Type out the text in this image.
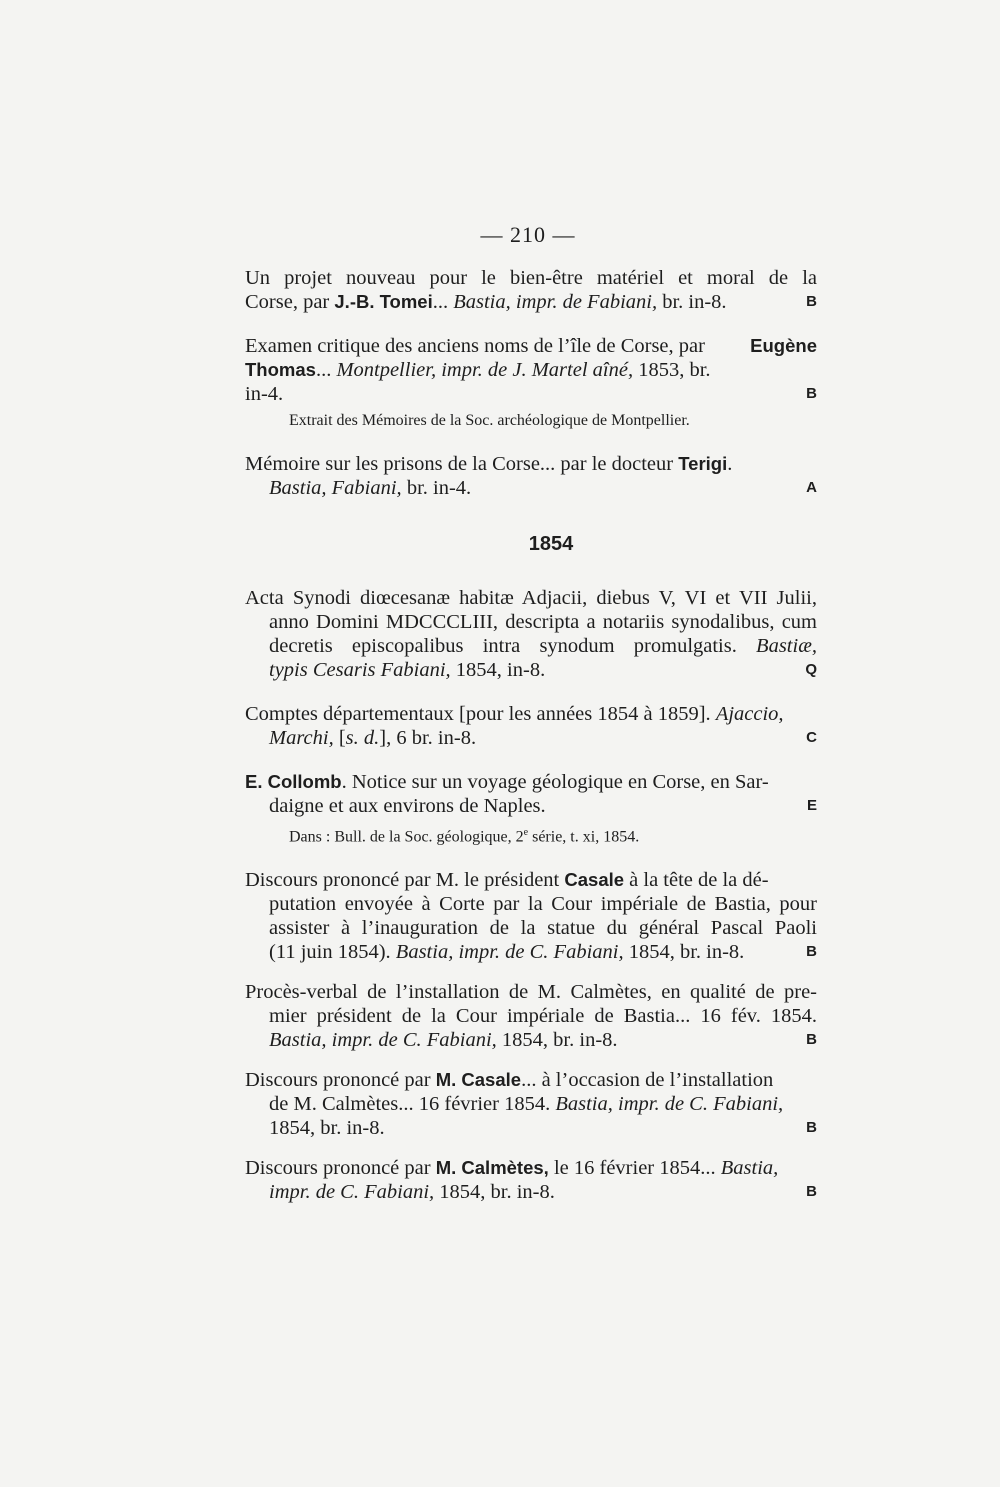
— 210 —
Un projet nouveau pour le bien-être matériel et moral de la
Corse, par J.-B. Tomei... Bastia, impr. de Fabiani, br. in-8.	B
Examen critique des anciens noms de l’île de Corse, par Eugène
Thomas... Montpellier, impr. de J. Martel aîné, 1853, br.
in-4.	B

Extrait des Mémoires de la Soc. archéologique de Montpellier.

Mémoire sur les prisons de la Corse... par le docteur Terigi.
Bastia, Fabiani, br. in-4.	A
1854
Acta Synodi diœcesanæ habitæ Adjacii, diebus V, VI et VII Julii,
anno Domini MDCCCLIII, descripta a notariis synodalibus, cum
decretis episcopalibus intra synodum promulgatis. Bastiæ,
typis Cesaris Fabiani, 1854, in-8.	Q
Comptes départementaux [pour les années 1854 à 1859]. Ajaccio,
Marchi, [s. d.], 6 br. in-8.	C
E. Collomb. Notice sur un voyage géologique en Corse, en Sar-
daigne et aux environs de Naples.	E

Dans : Bull. de la Soc. géologique, 2e série, t. xi, 1854.

Discours prononcé par M. le président Casale à la tête de la dé-
putation envoyée à Corte par la Cour impériale de Bastia, pour
assister à l’inauguration de la statue du général Pascal Paoli
(11 juin 1854). Bastia, impr. de C. Fabiani, 1854, br. in-8.	B
Procès-verbal de l’installation de M. Calmètes, en qualité de pre-
mier président de la Cour impériale de Bastia... 16 fév. 1854.
Bastia, impr. de C. Fabiani, 1854, br. in-8.	B
Discours prononcé par M. Casale... à l’occasion de l’installation
de M. Calmètes... 16 février 1854. Bastia, impr. de C. Fabiani,
1854, br. in-8.	B
Discours prononcé par M. Calmètes, le 16 février 1854... Bastia,
impr. de C. Fabiani, 1854, br. in-8.	B
